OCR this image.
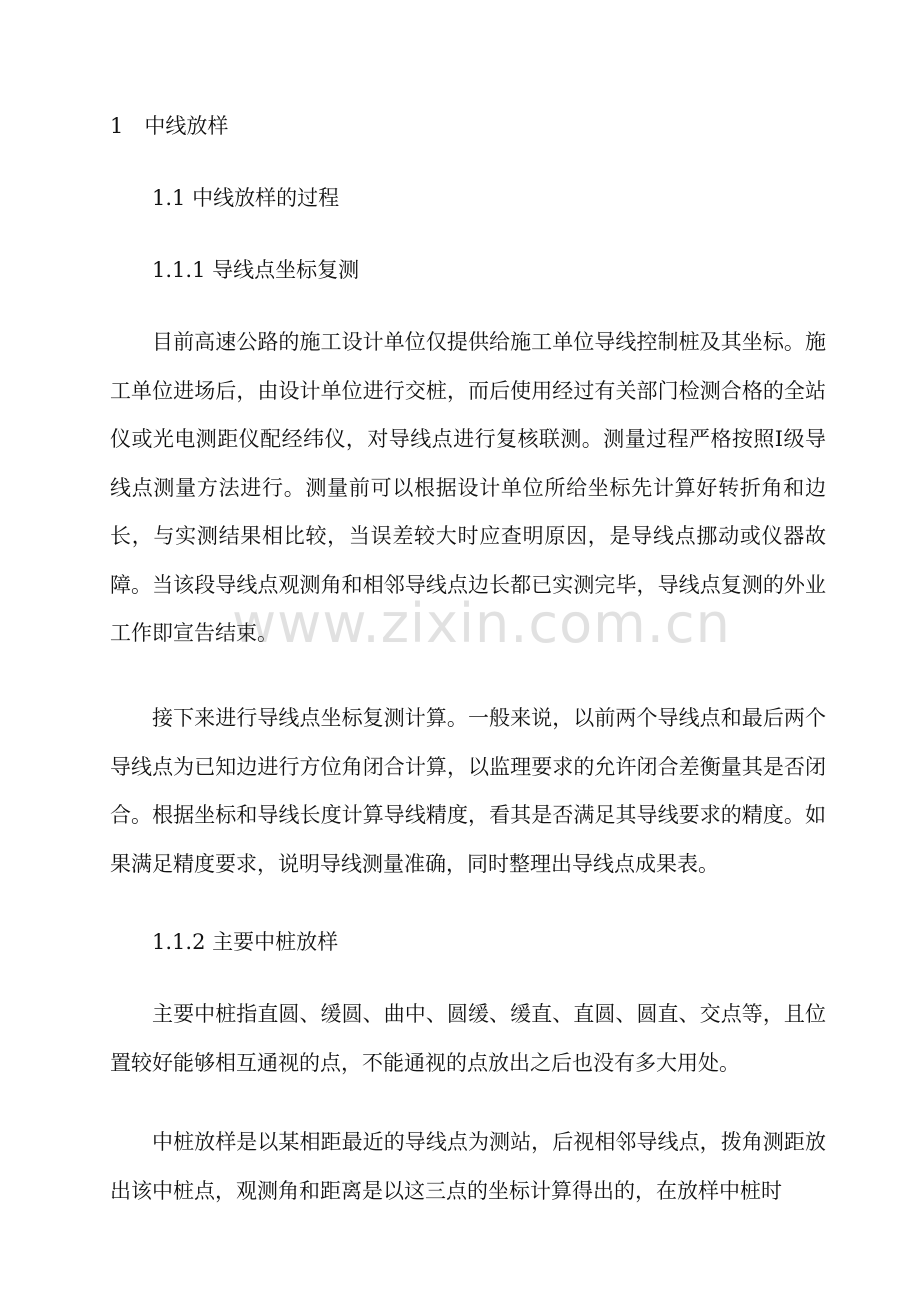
1　中线放样
1.1 中线放样的过程
1.1.1 导线点坐标复测

目前高速公路的施工设计单位仅提供给施工单位导线控制桩及其坐标。施工单位进场后，由设计单位进行交桩，而后使用经过有关部门检测合格的全站仪或光电测距仪配经纬仪，对导线点进行复核联测。测量过程严格按照Ⅰ级导线点测量方法进行。测量前可以根据设计单位所给坐标先计算好转折角和边长，与实测结果相比较，当误差较大时应查明原因，是导线点挪动或仪器故障。当该段导线点观测角和相邻导线点边长都已实测完毕，导线点复测的外业工作即宣告结束。

接下来进行导线点坐标复测计算。一般来说，以前两个导线点和最后两个导线点为已知边进行方位角闭合计算，以监理要求的允许闭合差衡量其是否闭合。根据坐标和导线长度计算导线精度，看其是否满足其导线要求的精度。如果满足精度要求，说明导线测量准确，同时整理出导线点成果表。

1.1.2 主要中桩放样

主要中桩指直圆、缓圆、曲中、圆缓、缓直、直圆、圆直、交点等，且位置较好能够相互通视的点，不能通视的点放出之后也没有多大用处。

中桩放样是以某相距最近的导线点为测站，后视相邻导线点，拨角测距放出该中桩点，观测角和距离是以这三点的坐标计算得出的，在放样中桩时

www.zixin.com.cn
